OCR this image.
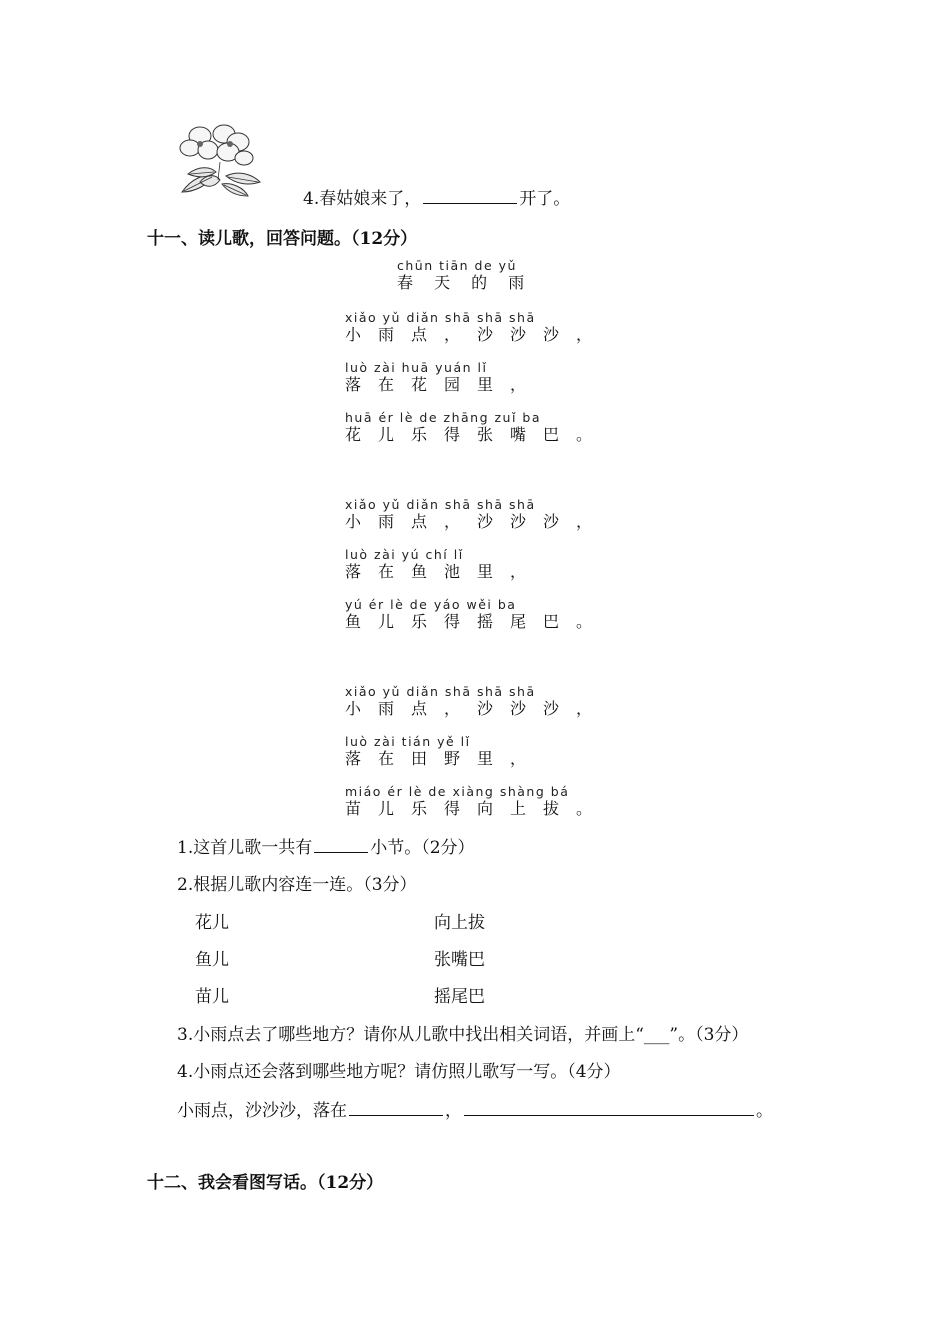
4.春姑娘来了，	开了。
十一、读儿歌，回答问题。（12分）
chūn tiān de yǔ
春 天 的 雨
xiǎo yǔ diǎn shā shā shā
小雨点，沙沙沙，
luò zài huā yuán lǐ
落在花园里，
huā ér lè de zhāng zuǐ ba
花儿乐得张嘴巴。
xiǎo yǔ diǎn shā shā shā
小雨点，沙沙沙，
luò zài yú chí lǐ
落在鱼池里，
yú ér lè de yáo wěi ba
鱼儿乐得摇尾巴。
xiǎo yǔ diǎn shā shā shā
小雨点，沙沙沙，
luò zài tián yě lǐ
落在田野里，
miáo ér lè de xiàng shàng bá
苗儿乐得向上拔。
1.这首儿歌一共有	小节。（2分）
2.根据儿歌内容连一连。（3分）
花儿	向上拔
鱼儿	张嘴巴
苗儿	摇尾巴
3.小雨点去了哪些地方？请你从儿歌中找出相关词语，并画上“___”。（3分）
4.小雨点还会落到哪些地方呢？请仿照儿歌写一写。（4分）
小雨点，沙沙沙，落在	，	。
十二、我会看图写话。（12分）
